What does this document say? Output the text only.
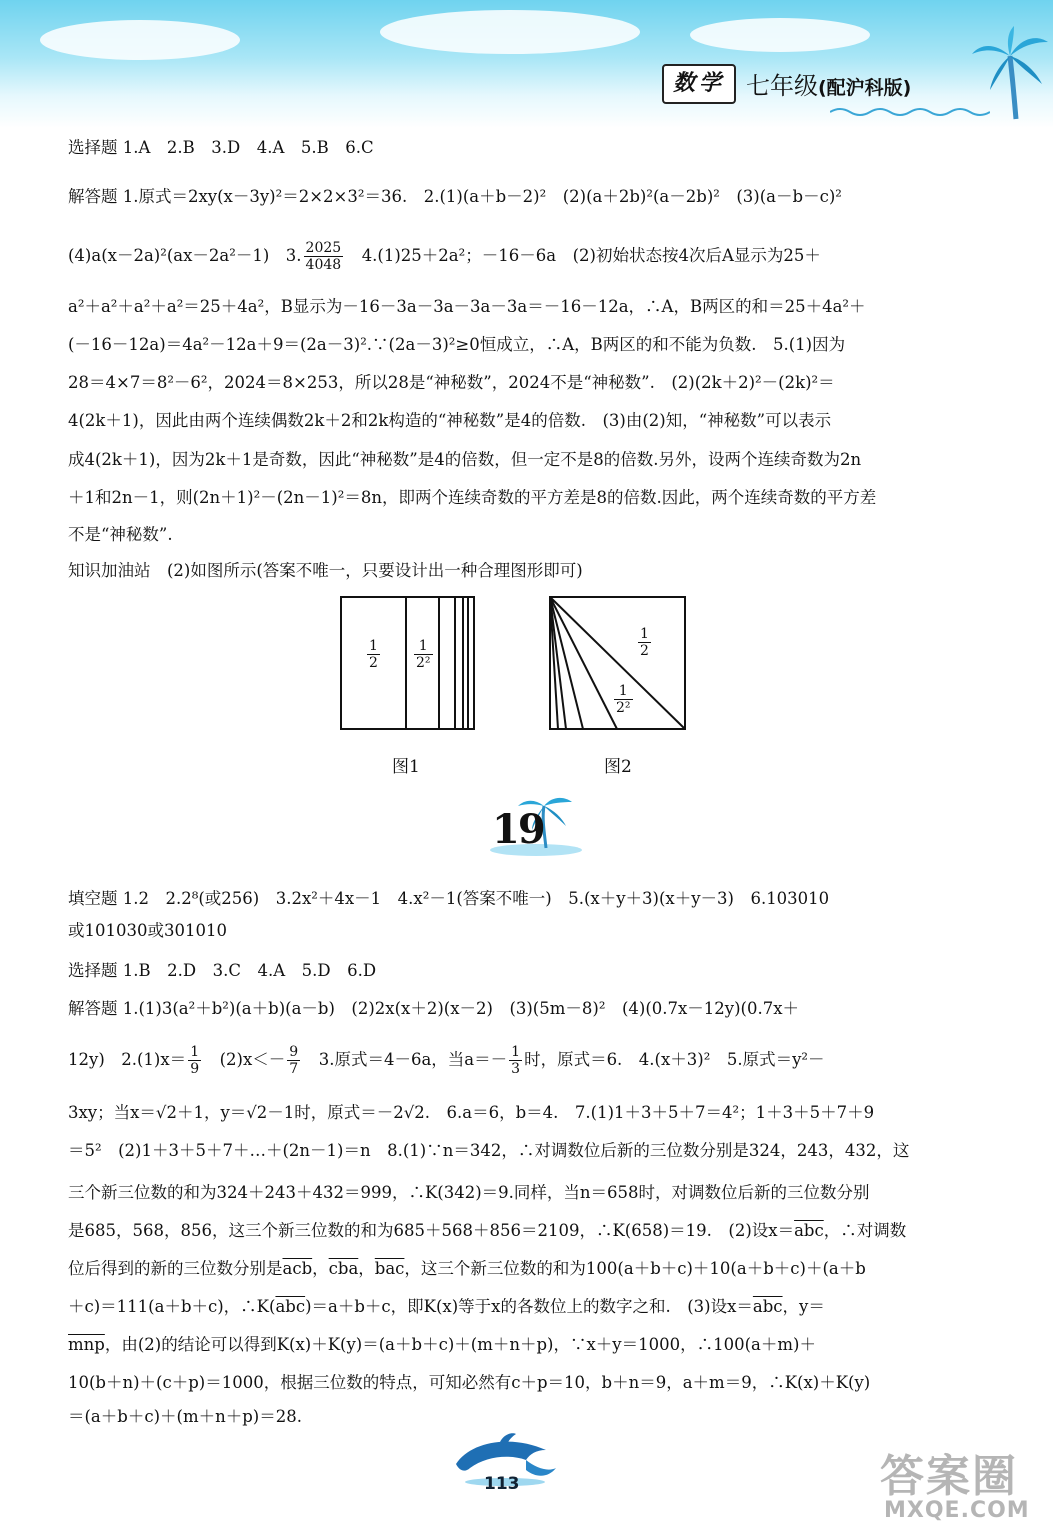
数学 七年级(配沪科版)
选择题 1.A　2.B　3.D　4.A　5.B　6.C
解答题 1.原式＝2xy(x－3y)²＝2×2×3²＝36.　2.(1)(a＋b－2)²　(2)(a＋2b)²(a－2b)²　(3)(a－b－c)²
(4)a(x－2a)²(ax－2a²－1)　3. $\frac{2025}{4048}$ 　4.(1)25＋2a²；－16－6a　(2)初始状态按4次后A显示为25＋
a²＋a²＋a²＋a²＝25＋4a²，B显示为－16－3a－3a－3a－3a＝－16－12a，∴A，B两区的和＝25＋4a²＋
(－16－12a)＝4a²－12a＋9＝(2a－3)².∵(2a－3)²≥0恒成立，∴A，B两区的和不能为负数.　5.(1)因为
28＝4×7＝8²－6²，2024＝8×253，所以28是“神秘数”，2024不是“神秘数”.　(2)(2k＋2)²－(2k)²＝
4(2k＋1)，因此由两个连续偶数2k＋2和2k构造的“神秘数”是4的倍数.　(3)由(2)知，“神秘数”可以表示
成4(2k＋1)，因为2k＋1是奇数，因此“神秘数”是4的倍数，但一定不是8的倍数.另外，设两个连续奇数为2n
＋1和2n－1，则(2n＋1)²－(2n－1)²＝8n，即两个连续奇数的平方差是8的倍数.因此，两个连续奇数的平方差
不是“神秘数”.
知识加油站　(2)如图所示(答案不唯一，只要设计出一种合理图形即可)
$\frac{1}{2} \frac{1}{\text{2²}}$
图1
$\frac{1}{2}$
$\frac{1}{\text{2²}}$
图2
19
填空题 1.2　2.2⁸(或256)　3.2x²＋4x－1　4.x²－1(答案不唯一)　5.(x＋y＋3)(x＋y－3)　6.103010
或101030或301010
选择题 1.B　2.D　3.C　4.A　5.D　6.D
解答题 1.(1)3(a²＋b²)(a＋b)(a－b)　(2)2x(x＋2)(x－2)　(3)(5m－8)²　(4)(0.7x－12y)(0.7x＋
12y)　$2.(1)x= \frac{1}{9}$ 　$(2)x<- \frac{9}{7}$ 　3.原式＝4－6a，当$a=- \frac{1}{3}$ 时，原式＝6.　4.(x＋3)²　5.原式＝y²－
3xy；当x＝√2＋1，y＝√2－1时，原式＝－2√2.　6.a＝6，b＝4.　7.(1)1＋3＋5＋7＝4²；1＋3＋5＋7＋9
＝5²　(2)1＋3＋5＋7＋…＋(2n－1)＝n　8.(1)∵n＝342，∴对调数位后新的三位数分别是324，243，432，这
三个新三位数的和为324＋243＋432＝999，∴K(342)＝9.同样，当n＝658时，对调数位后新的三位数分别
是685，568，856，这三个新三位数的和为685＋568＋856＝2109，∴K(658)＝19.　(2)设$x=\overline{abc}$，∴对调数
位后得到的新的三位数分别是$\overline{acb}$，$\overline{cba}$，$\overline{bac}$，这三个新三位数的和为100(a＋b＋c)＋10(a＋b＋c)＋(a＋b
＋c)＝111(a＋b＋c)，$\therefore K(\overline{abc})=a+b+c$，即K(x)等于x的各数位上的数字之和.　(3)设$x=\overline{abc}$，y＝
$\overline{mnp}$，由(2)的结论可以得到K(x)＋K(y)＝(a＋b＋c)＋(m＋n＋p)，∵x＋y＝1000，∴100(a＋m)＋
10(b＋n)＋(c＋p)＝1000，根据三位数的特点，可知必然有c＋p＝10，b＋n＝9，a＋m＝9，∴K(x)＋K(y)
＝(a＋b＋c)＋(m＋n＋p)＝28.
113	答案圈
MXQE.COM
